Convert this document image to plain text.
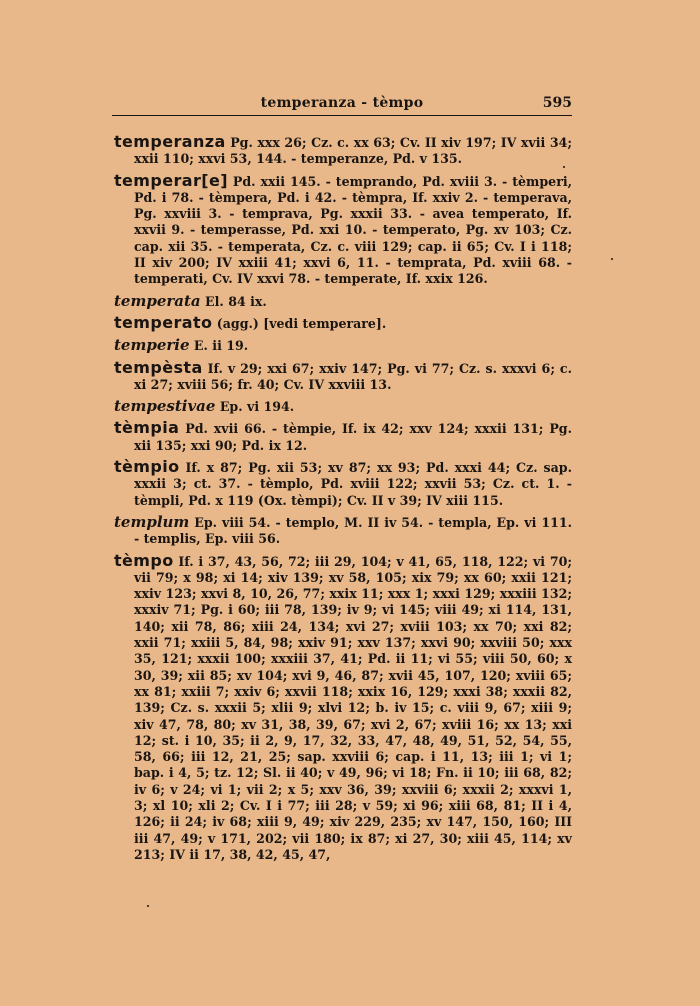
temperanza - tèmpo	595
temperanza Pg. xxx 26; Cz. c. xx 63; Cv. II xiv 197; IV xvii 34; xxii 110; xxvi 53, 144. - temperanze, Pd. v 135.
temperar[e] Pd. xxii 145. - temprando, Pd. xviii 3. - tèmperi, Pd. i 78. - tèmpera, Pd. i 42. - tèmpra, If. xxiv 2. - temperava, Pg. xxviii 3. - temprava, Pg. xxxii 33. - avea temperato, If. xxvii 9. - temperasse, Pd. xxi 10. - temperato, Pg. xv 103; Cz. cap. xii 35. - temperata, Cz. c. viii 129; cap. ii 65; Cv. I i 118; II xiv 200; IV xxiii 41; xxvi 6, 11. - temprata, Pd. xviii 68. - temperati, Cv. IV xxvi 78. - temperate, If. xxix 126.
temperata El. 84 ix.
temperato (agg.) [vedi temperare].
temperie E. ii 19.
tempèsta If. v 29; xxi 67; xxiv 147; Pg. vi 77; Cz. s. xxxvi 6; c. xi 27; xviii 56; fr. 40; Cv. IV xxviii 13.
tempestivae Ep. vi 194.
tèmpia Pd. xvii 66. - tèmpie, If. ix 42; xxv 124; xxxii 131; Pg. xii 135; xxi 90; Pd. ix 12.
tèmpio If. x 87; Pg. xii 53; xv 87; xx 93; Pd. xxxi 44; Cz. sap. xxxii 3; ct. 37. - tèmplo, Pd. xviii 122; xxvii 53; Cz. ct. 1. - tèmpli, Pd. x 119 (Ox. tèmpi); Cv. II v 39; IV xiii 115.
templum Ep. viii 54. - templo, M. II iv 54. - templa, Ep. vi 111. - templis, Ep. viii 56.
tèmpo If. i 37, 43, 56, 72; iii 29, 104; v 41, 65, 118, 122; vi 70; vii 79; x 98; xi 14; xiv 139; xv 58, 105; xix 79; xx 60; xxii 121; xxiv 123; xxvi 8, 10, 26, 77; xxix 11; xxx 1; xxxi 129; xxxiii 132; xxxiv 71; Pg. i 60; iii 78, 139; iv 9; vi 145; viii 49; xi 114, 131, 140; xii 78, 86; xiii 24, 134; xvi 27; xviii 103; xx 70; xxi 82; xxii 71; xxiii 5, 84, 98; xxiv 91; xxv 137; xxvi 90; xxviii 50; xxx 35, 121; xxxii 100; xxxiii 37, 41; Pd. ii 11; vi 55; viii 50, 60; x 30, 39; xii 85; xv 104; xvi 9, 46, 87; xvii 45, 107, 120; xviii 65; xx 81; xxiii 7; xxiv 6; xxvii 118; xxix 16, 129; xxxi 38; xxxii 82, 139; Cz. s. xxxii 5; xlii 9; xlvi 12; b. iv 15; c. viii 9, 67; xiii 9; xiv 47, 78, 80; xv 31, 38, 39, 67; xvi 2, 67; xviii 16; xx 13; xxi 12; st. i 10, 35; ii 2, 9, 17, 32, 33, 47, 48, 49, 51, 52, 54, 55, 58, 66; iii 12, 21, 25; sap. xxviii 6; cap. i 11, 13; iii 1; vi 1; bap. i 4, 5; tz. 12; Sl. ii 40; v 49, 96; vi 18; Fn. ii 10; iii 68, 82; iv 6; v 24; vi 1; vii 2; x 5; xxv 36, 39; xxviii 6; xxxii 2; xxxvi 1, 3; xl 10; xli 2; Cv. I i 77; iii 28; v 59; xi 96; xiii 68, 81; II i 4, 126; ii 24; iv 68; xiii 9, 49; xiv 229, 235; xv 147, 150, 160; III iii 47, 49; v 171, 202; vii 180; ix 87; xi 27, 30; xiii 45, 114; xv 213; IV ii 17, 38, 42, 45, 47,
